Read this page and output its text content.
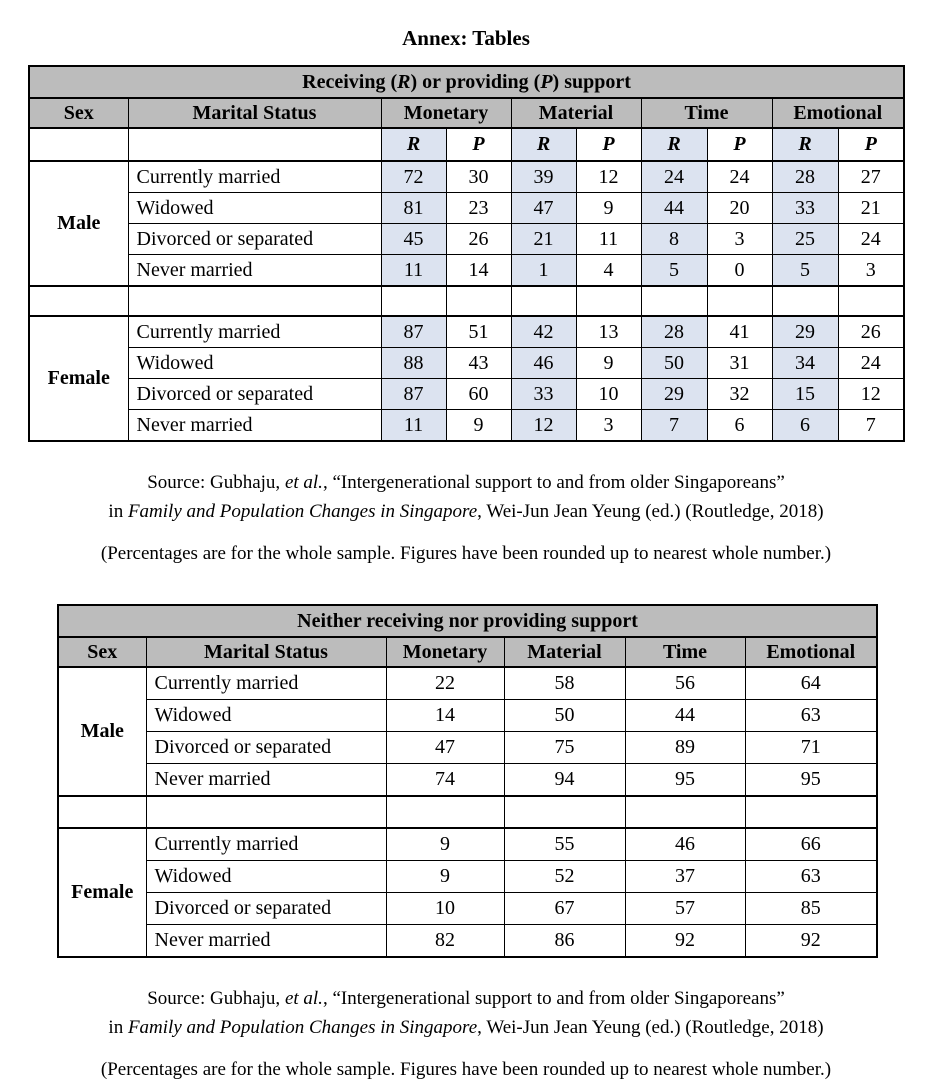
Annex: Tables
Receiving (R) or providing (P) support									
Sex	Marital Status	Monetary		Material		Time		Emotional	
		R	P	R	P	R	P	R	P
Male	Currently married	72	30	39	12	24	24	28	27
	Widowed	81	23	47	9	44	20	33	21
	Divorced or separated	45	26	21	11	8	3	25	24
	Never married	11	14	1	4	5	0	5	3

Female	Currently married	87	51	42	13	28	41	29	26
	Widowed	88	43	46	9	50	31	34	24
	Divorced or separated	87	60	33	10	29	32	15	12
	Never married	11	9	12	3	7	6	6	7

Source: Gubhaju, et al., “Intergenerational support to and from older Singaporeans”

in Family and Population Changes in Singapore, Wei-Jun Jean Yeung (ed.) (Routledge, 2018)

(Percentages are for the whole sample. Figures have been rounded up to nearest whole number.)

Neither receiving nor providing support					
Sex	Marital Status	Monetary	Material	Time	Emotional
Male	Currently married	22	58	56	64
	Widowed	14	50	44	63
	Divorced or separated	47	75	89	71
	Never married	74	94	95	95

Female	Currently married	9	55	46	66
	Widowed	9	52	37	63
	Divorced or separated	10	67	57	85
	Never married	82	86	92	92

Source: Gubhaju, et al., “Intergenerational support to and from older Singaporeans”

in Family and Population Changes in Singapore, Wei-Jun Jean Yeung (ed.) (Routledge, 2018)

(Percentages are for the whole sample. Figures have been rounded up to nearest whole number.)
